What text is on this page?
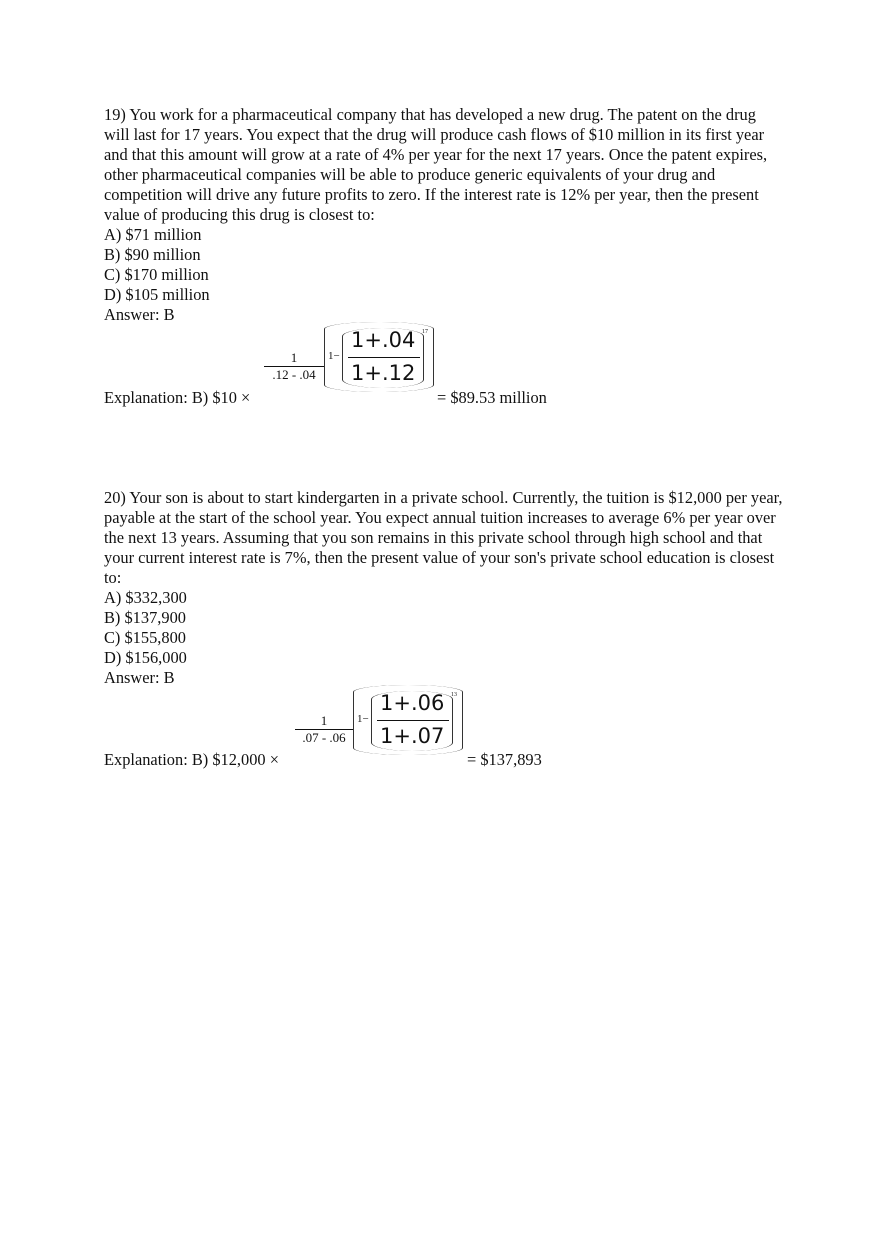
19) You work for a pharmaceutical company that has developed a new drug. The patent on the drug will last for 17 years. You expect that the drug will produce cash flows of $10 million in its first year and that this amount will grow at a rate of 4% per year for the next 17 years. Once the patent expires, other pharmaceutical companies will be able to produce generic equivalents of your drug and competition will drive any future profits to zero. If the interest rate is 12% per year, then the present value of producing this drug is closest to:

A) $71 million
B) $90 million
C) $170 million
D) $105 million
Answer: B
1
.12 - .04
1−
1+.04
1+.12
17
Explanation: B) $10 ×	= $89.53 million

20) Your son is about to start kindergarten in a private school. Currently, the tuition is $12,000 per year, payable at the start of the school year. You expect annual tuition increases to average 6% per year over the next 13 years. Assuming that you son remains in this private school through high school and that your current interest rate is 7%, then the present value of your son's private school education is closest to:

A) $332,300
B) $137,900
C) $155,800
D) $156,000
Answer: B
1
.07 - .06
1−
1+.06
1+.07
13
Explanation: B) $12,000 ×	= $137,893
